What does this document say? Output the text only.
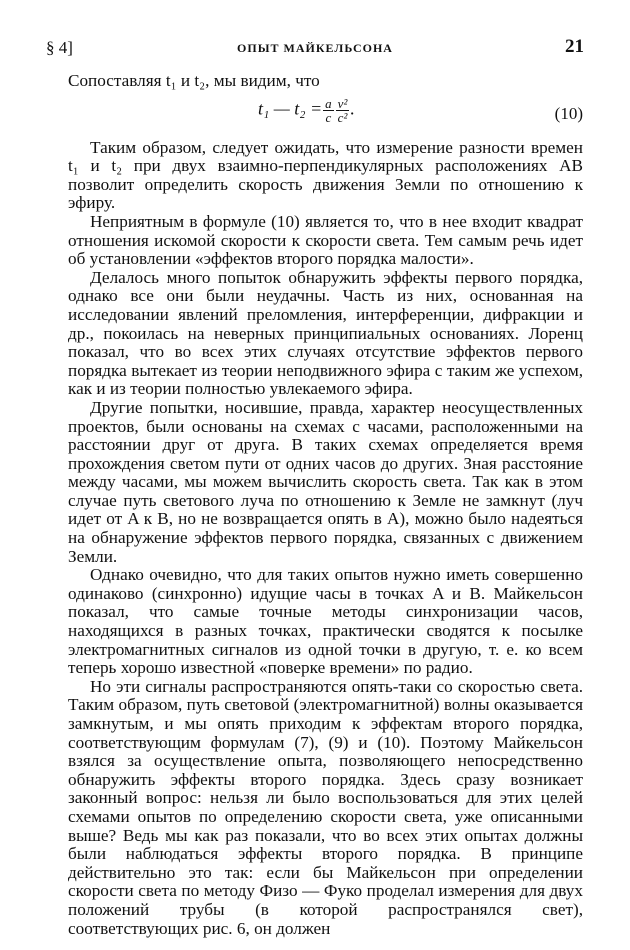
§ 4]	ОПЫТ МАЙКЕЛЬСОНА	21

Сопоставляя t₁ и t₂, мы видим, что

t₁ — $t_2 = \frac{a}{c} \frac{\text{v²}}{\text{c²}}$ .	(10)

Таким образом, следует ожидать, что измерение разности времен t₁ и t₂ при двух взаимно-перпендикулярных расположениях AB позволит определить скорость движения Земли по отношению к эфиру.

Неприятным в формуле (10) является то, что в нее входит квадрат отношения искомой скорости к скорости света. Тем самым речь идет об установлении «эффектов второго порядка малости».

Делалось много попыток обнаружить эффекты первого порядка, однако все они были неудачны. Часть из них, основанная на исследовании явлений преломления, интерференции, дифракции и др., покоилась на неверных принципиальных основаниях. Лоренц показал, что во всех этих случаях отсутствие эффектов первого порядка вытекает из теории неподвижного эфира с таким же успехом, как и из теории полностью увлекаемого эфира.

Другие попытки, носившие, правда, характер неосуществленных проектов, были основаны на схемах с часами, расположенными на расстоянии друг от друга. В таких схемах определяется время прохождения светом пути от одних часов до других. Зная расстояние между часами, мы можем вычислить скорость света. Так как в этом случае путь светового луча по отношению к Земле не замкнут (луч идет от A к B, но не возвращается опять в A), можно было надеяться на обнаружение эффектов первого порядка, связанных с движением Земли.

Однако очевидно, что для таких опытов нужно иметь совершенно одинаково (синхронно) идущие часы в точках A и B. Майкельсон показал, что самые точные методы синхронизации часов, находящихся в разных точках, практически сводятся к посылке электромагнитных сигналов из одной точки в другую, т. е. ко всем теперь хорошо известной «поверке времени» по радио.

Но эти сигналы распространяются опять-таки со скоростью света. Таким образом, путь световой (электромагнитной) волны оказывается замкнутым, и мы опять приходим к эффектам второго порядка, соответствующим формулам (7), (9) и (10). Поэтому Майкельсон взялся за осуществление опыта, позволяющего непосредственно обнаружить эффекты второго порядка. Здесь сразу возникает законный вопрос: нельзя ли было воспользоваться для этих целей схемами опытов по определению скорости света, уже описанными выше? Ведь мы как раз показали, что во всех этих опытах должны были наблюдаться эффекты второго порядка. В принципе действительно это так: если бы Майкельсон при определении скорости света по методу Физо — Фуко проделал измерения для двух положений трубы (в которой распространялся свет), соответствующих рис. 6, он должен
